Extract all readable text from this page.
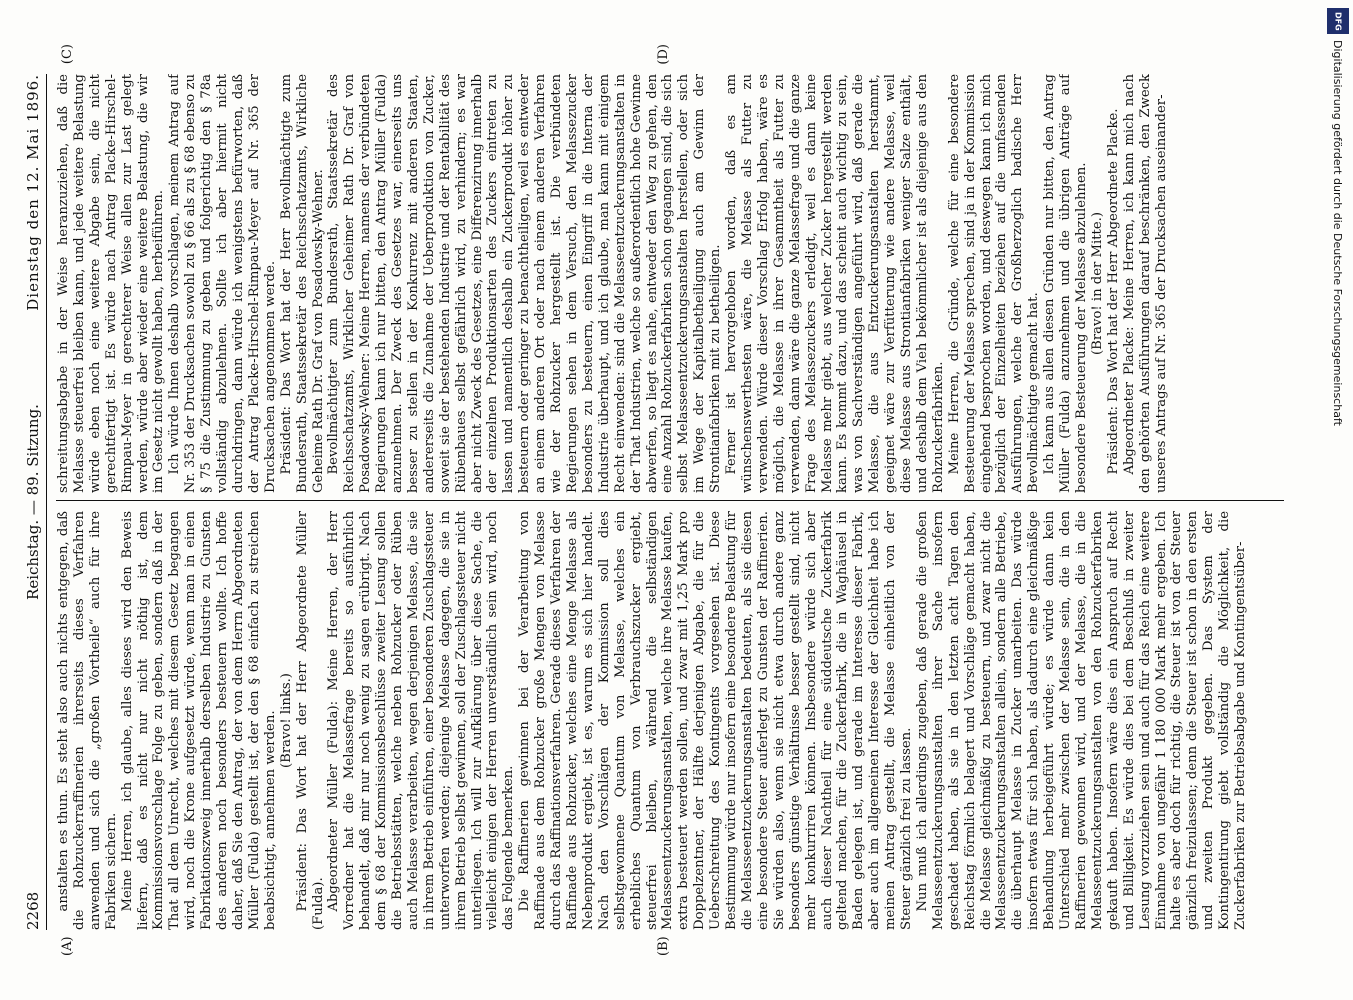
2268
Reichstag. — 89. Sitzung.
Dienstag den 12. Mai 1896.

anstalten es thun. Es steht also auch nichts entgegen, daß die Rohzuckerraffinerien ihrerseits dieses Verfahren anwenden und sich die „großen Vortheile“ auch für ihre Fabriken sichern. Meine Herren, ich glaube, alles dieses wird den Beweis liefern, daß es nicht nur nicht nöthig ist, dem Kommissionsvorschlage Folge zu geben, sondern daß in der That all dem Unrecht, welches mit diesem Gesetz begangen wird, noch die Krone aufgesetzt würde, wenn man in einen Fabrikationszweig innerhalb derselben Industrie zu Gunsten des anderen noch besonders besteuern wollte. Ich hoffe daher, daß Sie den Antrag, der von dem Herrn Abgeordneten Müller (Fulda) gestellt ist, der den § 68 einfach zu streichen beabsichtigt, annehmen werden. (Bravo! links.) Präsident: Das Wort hat der Herr Abgeordnete Müller (Fulda). Abgeordneter Müller (Fulda): Meine Herren, der Herr Vorredner hat die Melassefrage bereits so ausführlich behandelt, daß mir nur noch wenig zu sagen erübrigt. Nach dem § 68 der Kommissionsbeschlüsse zweiter Lesung sollen die Betriebsstätten, welche neben Rohzucker oder Rüben auch Melasse verarbeiten, wegen derjenigen Melasse, die sie in ihrem Betrieb einführen, einer besonderen Zuschlagssteuer unterworfen werden; diejenige Melasse dagegen, die sie in ihrem Betrieb selbst gewinnen, soll der Zuschlagssteuer nicht unterliegen. Ich will zur Aufklärung über diese Sache, die vielleicht einigen der Herren unverständlich sein wird, noch das Folgende bemerken. Die Raffinerien gewinnen bei der Verarbeitung von Raffinade aus dem Rohzucker große Mengen von Melasse durch das Raffinationsverfahren. Gerade dieses Verfahren der Raffinade aus Rohzucker, welches eine Menge Melasse als Nebenprodukt ergiebt, ist es, warum es sich hier handelt. Nach den Vorschlägen der Kommission soll dies selbstgewonnene Quantum von Melasse, welches ein erhebliches Quantum von Verbrauchszucker ergiebt, steuerfrei bleiben, während die selbständigen Melasseentzuckerungsanstalten, welche ihre Melasse kaufen, extra besteuert werden sollen, und zwar mit 1,25 Mark pro Doppelzentner, der Hälfte derjenigen Abgabe, die für die Ueberschreitung des Kontingents vorgesehen ist. Diese Bestimmung würde nur insofern eine besondere Belastung für die Melasseentzuckerungsanstalten bedeuten, als sie diesen eine besondere Steuer auferlegt zu Gunsten der Raffinerien. Sie würden also, wenn sie nicht etwa durch andere ganz besonders günstige Verhältnisse besser gestellt sind, nicht mehr konkurriren können. Insbesondere würde sich aber auch dieser Nachtheil für eine süddeutsche Zuckerfabrik geltend machen, für die Zuckerfabrik, die in Waghäusel in Baden gelegen ist, und gerade im Interesse dieser Fabrik, aber auch im allgemeinen Interesse der Gleichheit habe ich meinen Antrag gestellt, die Melasse einheitlich von der Steuer gänzlich frei zu lassen. Nun muß ich allerdings zugeben, daß gerade die großen Melasseentzuckerungsanstalten ihrer Sache insofern geschadet haben, als sie in den letzten acht Tagen den Reichstag förmlich belagert und Vorschläge gemacht haben, die Melasse gleichmäßig zu besteuern, und zwar nicht die Melasseentzuckerungsanstalten allein, sondern alle Betriebe, die überhaupt Melasse in Zucker umarbeiten. Das würde insofern etwas für sich haben, als dadurch eine gleichmäßige Behandlung herbeigeführt würde; es würde dann kein Unterschied mehr zwischen der Melasse sein, die in den Raffinerien gewonnen wird, und der Melasse, die in die Melasseentzuckerungsanstalten von den Rohzuckerfabriken gekauft haben. Insofern wäre dies ein Anspruch auf Recht und Billigkeit. Es würde dies bei dem Beschluß in zweiter Lesung vorzuziehen sein und auch für das Reich eine weitere Einnahme von ungefähr 1 180 000 Mark mehr ergeben. Ich halte es aber doch für richtig, die Steuer ist von der Steuer gänzlich freizulassen; denn die Steuer ist schon in den ersten und zweiten Produkt gegeben. Das System der Kontingentirung giebt vollständig die Möglichkeit, die Zuckerfabriken zur Betriebsabgabe und Kontingentsüber-

schreitungsabgabe in der Weise heranzuziehen, daß die Melasse steuerfrei bleiben kann, und jede weitere Belastung würde eben noch eine weitere Abgabe sein, die nicht gerechtfertigt ist. Es würde nach Antrag Placke-Hirschel-Rimpau-Meyer in gerechterer Weise allen zur Last gelegt werden, würde aber wieder eine weitere Belastung, die wir im Gesetz nicht gewollt haben, herbeiführen. Ich würde Ihnen deshalb vorschlagen, meinem Antrag auf Nr. 353 der Drucksachen sowohl zu § 66 als zu § 68 ebenso zu § 75 die Zustimmung zu geben und folgerichtig den § 78a vollständig abzulehnen. Sollte ich aber hiermit nicht durchdringen, dann würde ich wenigstens befürworten, daß der Antrag Placke-Hirschel-Rimpau-Meyer auf Nr. 365 der Drucksachen angenommen werde. Präsident: Das Wort hat der Herr Bevollmächtigte zum Bundesrath, Staatssekretär des Reichsschatzamts, Wirkliche Geheime Rath Dr. Graf von Posadowsky-Wehner. Bevollmächtigter zum Bundesrath, Staatssekretär des Reichsschatzamts, Wirklicher Geheimer Rath Dr. Graf von Posadowsky-Wehner: Meine Herren, namens der verbündeten Regierungen kann ich nur bitten, den Antrag Müller (Fulda) anzunehmen. Der Zweck des Gesetzes war, einerseits uns besser zu stellen in der Konkurrenz mit anderen Staaten, andererseits die Zunahme der Ueberproduktion von Zucker, soweit sie der bestehenden Industrie und der Rentabilität des Rübenbaues selbst gefährlich wird, zu verhindern; es war aber nicht Zweck des Gesetzes, eine Differenzirung innerhalb der einzelnen Produktionsarten des Zuckers eintreten zu lassen und namentlich deshalb ein Zuckerprodukt höher zu besteuern oder geringer zu benachtheiligen, weil es entweder an einem anderen Ort oder nach einem anderen Verfahren wie der Rohzucker hergestellt ist. Die verbündeten Regierungen sehen in dem Versuch, den Melassezucker besonders zu besteuern, einen Eingriff in die Interna der Industrie überhaupt, und ich glaube, man kann mit einigem Recht einwenden: sind die Melasseentzuckerungsanstalten in der That Industrien, welche so außerordentlich hohe Gewinne abwerfen, so liegt es nahe, entweder den Weg zu gehen, den eine Anzahl Rohzuckerfabriken schon gegangen sind, die sich selbst Melasseentzuckerungsanstalten herstellen, oder sich im Wege der Kapitalbetheiligung auch am Gewinn der Strontianfabriken mit zu betheiligen. Ferner ist hervorgehoben worden, daß es am wünschenswerthesten wäre, die Melasse als Futter zu verwenden. Würde dieser Vorschlag Erfolg haben, wäre es möglich, die Melasse in ihrer Gesammtheit als Futter zu verwenden, dann wäre die ganze Melassefrage und die ganze Frage des Melassezuckers erledigt, weil es dann keine Melasse mehr giebt, aus welcher Zucker hergestellt werden kann. Es kommt dazu, und das scheint auch wichtig zu sein, was von Sachverständigen angeführt wird, daß gerade die Melasse, die aus Entzuckerungsanstalten herstammt, geeignet wäre zur Verfütterung wie andere Melasse, weil diese Melasse aus Strontianfabriken weniger Salze enthält, und deshalb dem Vieh bekömmlicher ist als diejenige aus den Rohzuckerfabriken. Meine Herren, die Gründe, welche für eine besondere Besteuerung der Melasse sprechen, sind ja in der Kommission eingehend besprochen worden, und deswegen kann ich mich bezüglich der Einzelheiten beziehen auf die umfassenden Ausführungen, welche der Großherzoglich badische Herr Bevollmächtigte gemacht hat. Ich kann aus allen diesen Gründen nur bitten, den Antrag Müller (Fulda) anzunehmen und die übrigen Anträge auf besondere Besteuerung der Melasse abzulehnen. (Bravo! in der Mitte.) Präsident: Das Wort hat der Herr Abgeordnete Placke. Abgeordneter Placke: Meine Herren, ich kann mich nach den gehörten Ausführungen darauf beschränken, den Zweck unseres Antrags auf Nr. 365 der Drucksachen auseinander-

(A)	(B)
(C)	(D)
DFG
Digitalisierung gefördert durch die Deutsche Forschungsgemeinschaft
